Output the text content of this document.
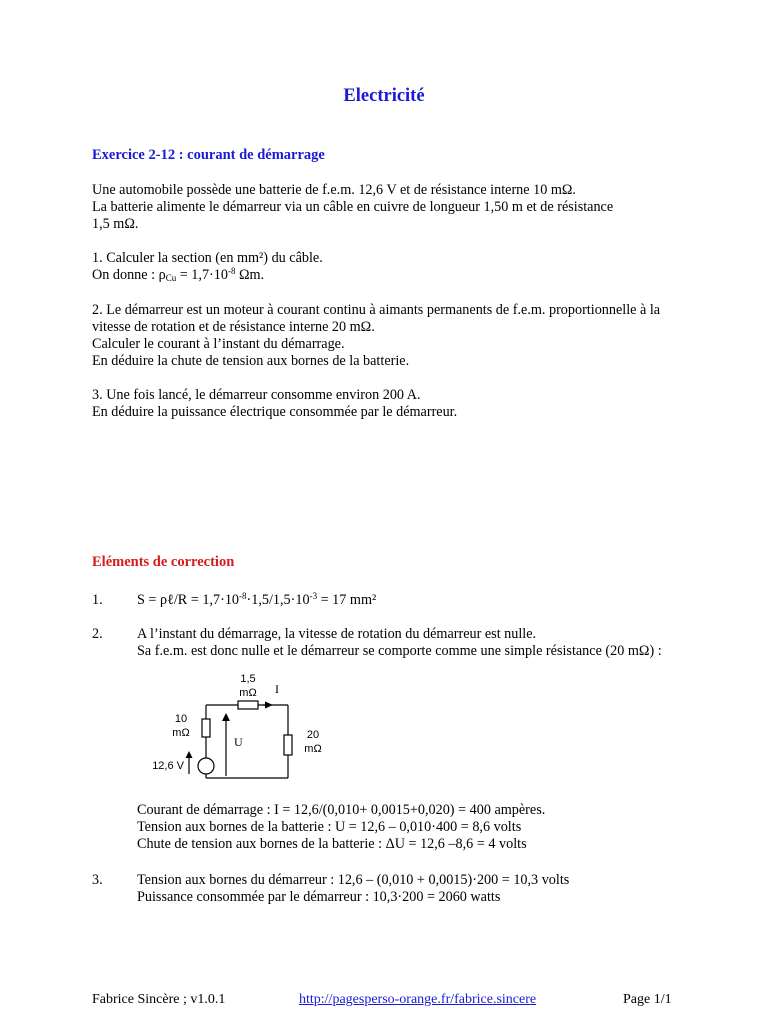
Electricité
Exercice 2-12 : courant de démarrage
Une automobile possède une batterie de f.e.m. 12,6 V et de résistance interne 10 mΩ.
La batterie alimente le démarreur via un câble en cuivre de longueur 1,50 m et de résistance
1,5 mΩ.
1. Calculer la section (en mm²) du câble.
On donne : $\rho_{Cu} = 1,7\cdot 10^{-8}$ Ωm.
2. Le démarreur est un moteur à courant continu à aimants permanents de f.e.m. proportionnelle à la
vitesse de rotation et de résistance interne 20 mΩ.
Calculer le courant à l’instant du démarrage.
En déduire la chute de tension aux bornes de la batterie.
3. Une fois lancé, le démarreur consomme environ 200 A.
En déduire la puissance électrique consommée par le démarreur.
Eléments de correction
1. S = ρℓ/R = $1,7\cdot 10^{-8}\cdot 1,5/1,5\cdot 10^{-3} = 17$ mm²
2. A l’instant du démarrage, la vitesse de rotation du démarreur est nulle.
Sa f.e.m. est donc nulle et le démarreur se comporte comme une simple résistance (20 mΩ) :
1,5
mΩ I
10
mΩ
U	20
mΩ
12,6 V
Courant de démarrage : I = 12,6/(0,010+ 0,0015+0,020) = 400 ampères.
Tension aux bornes de la batterie : U = 12,6 – 0,010·400 = 8,6 volts
Chute de tension aux bornes de la batterie : ΔU = 12,6 –8,6 = 4 volts
3. Tension aux bornes du démarreur : 12,6 – (0,010 + 0,0015)·200 = 10,3 volts
Puissance consommée par le démarreur : 10,3·200 = 2060 watts
Fabrice Sincère ; v1.0.1	http://pagesperso-orange.fr/fabrice.sincere	Page 1/1
